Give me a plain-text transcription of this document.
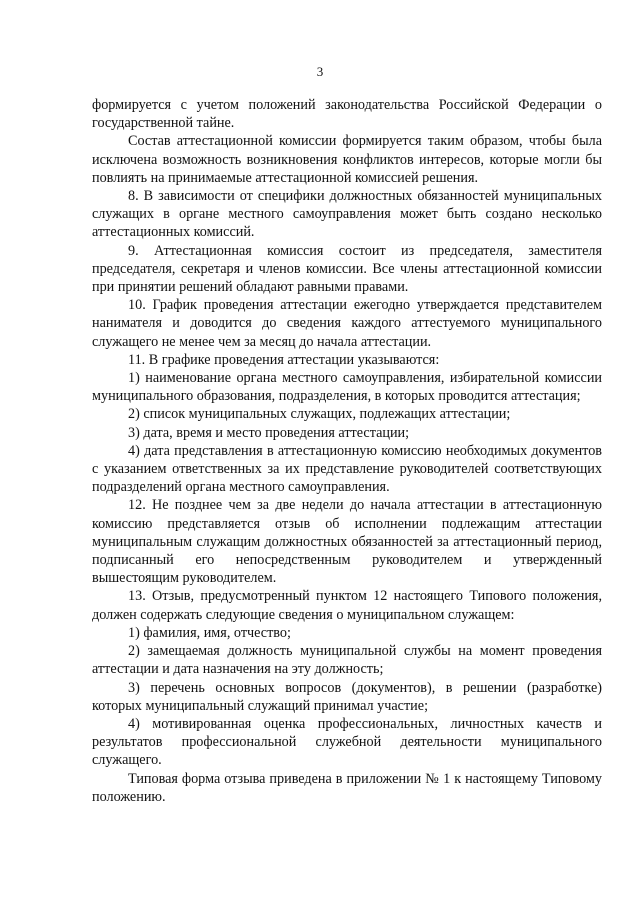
3

формируется с учетом положений законодательства Российской Федерации о государственной тайне.

Состав аттестационной комиссии формируется таким образом, чтобы была исключена возможность возникновения конфликтов интересов, которые могли бы повлиять на принимаемые аттестационной комиссией решения.

8. В зависимости от специфики должностных обязанностей муниципальных служащих в органе местного самоуправления может быть создано несколько аттестационных комиссий.

9. Аттестационная комиссия состоит из председателя, заместителя председателя, секретаря и членов комиссии. Все члены аттестационной комиссии при принятии решений обладают равными правами.

10. График проведения аттестации ежегодно утверждается представителем нанимателя и доводится до сведения каждого аттестуемого муниципального служащего не менее чем за месяц до начала аттестации.

11. В графике проведения аттестации указываются:

1) наименование органа местного самоуправления, избирательной комиссии муниципального образования, подразделения, в которых проводится аттестация;

2) список муниципальных служащих, подлежащих аттестации;

3) дата, время и место проведения аттестации;

4) дата представления в аттестационную комиссию необходимых документов с указанием ответственных за их представление руководителей соответствующих подразделений органа местного самоуправления.

12. Не позднее чем за две недели до начала аттестации в аттестационную комиссию представляется отзыв об исполнении подлежащим аттестации муниципальным служащим должностных обязанностей за аттестационный период, подписанный его непосредственным руководителем и утвержденный вышестоящим руководителем.

13. Отзыв, предусмотренный пунктом 12 настоящего Типового положения, должен содержать следующие сведения о муниципальном служащем:

1) фамилия, имя, отчество;

2) замещаемая должность муниципальной службы на момент проведения аттестации и дата назначения на эту должность;

3) перечень основных вопросов (документов), в решении (разработке) которых муниципальный служащий принимал участие;

4) мотивированная оценка профессиональных, личностных качеств и результатов профессиональной служебной деятельности муниципального служащего.

Типовая форма отзыва приведена в приложении № 1 к настоящему Типовому положению.
